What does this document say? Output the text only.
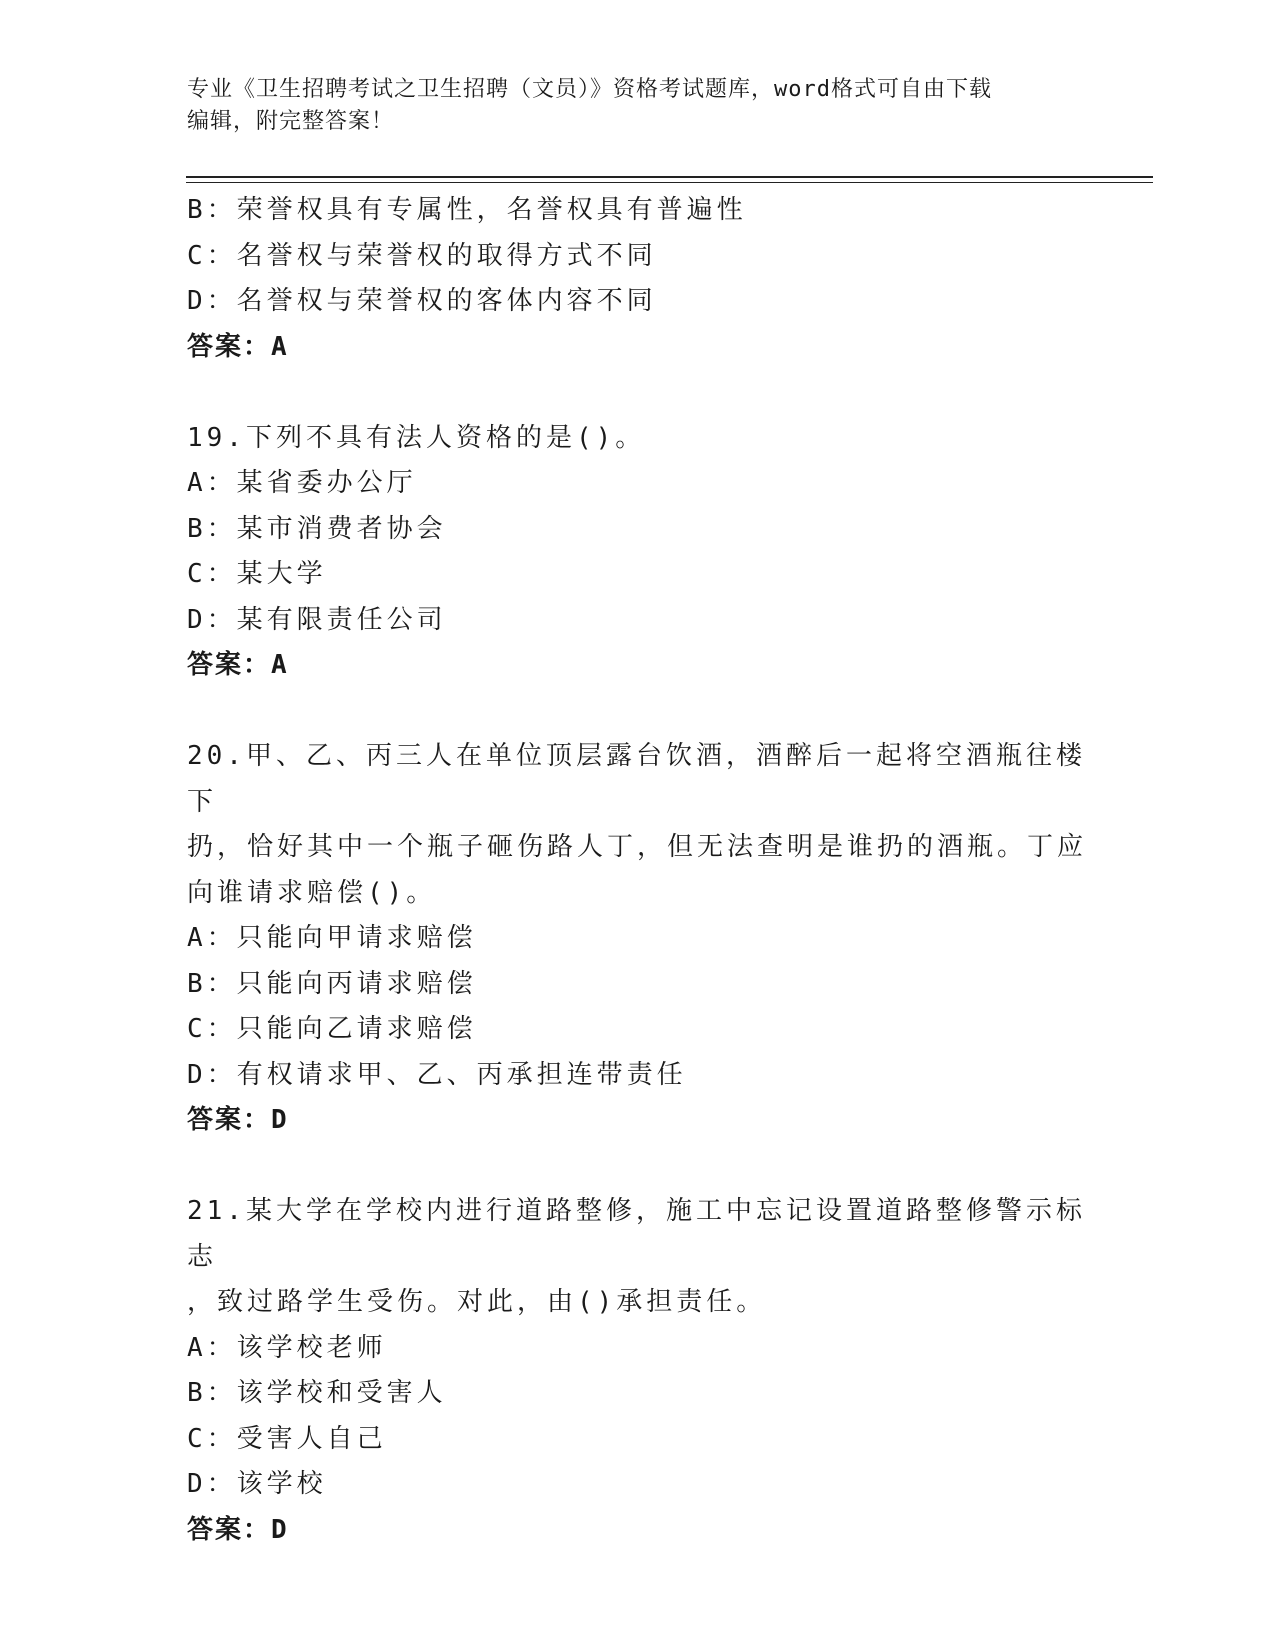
专业《卫生招聘考试之卫生招聘（文员）》资格考试题库，word格式可自由下载
编辑，附完整答案！
B：荣誉权具有专属性，名誉权具有普遍性
C：名誉权与荣誉权的取得方式不同
D：名誉权与荣誉权的客体内容不同
答案：A
19.下列不具有法人资格的是()。
A：某省委办公厅
B：某市消费者协会
C：某大学
D：某有限责任公司
答案：A
20.甲、乙、丙三人在单位顶层露台饮酒，酒醉后一起将空酒瓶往楼下
扔，恰好其中一个瓶子砸伤路人丁，但无法查明是谁扔的酒瓶。丁应
向谁请求赔偿()。
A：只能向甲请求赔偿
B：只能向丙请求赔偿
C：只能向乙请求赔偿
D：有权请求甲、乙、丙承担连带责任
答案：D
21.某大学在学校内进行道路整修，施工中忘记设置道路整修警示标志
，致过路学生受伤。对此，由()承担责任。
A：该学校老师
B：该学校和受害人
C：受害人自己
D：该学校
答案：D
